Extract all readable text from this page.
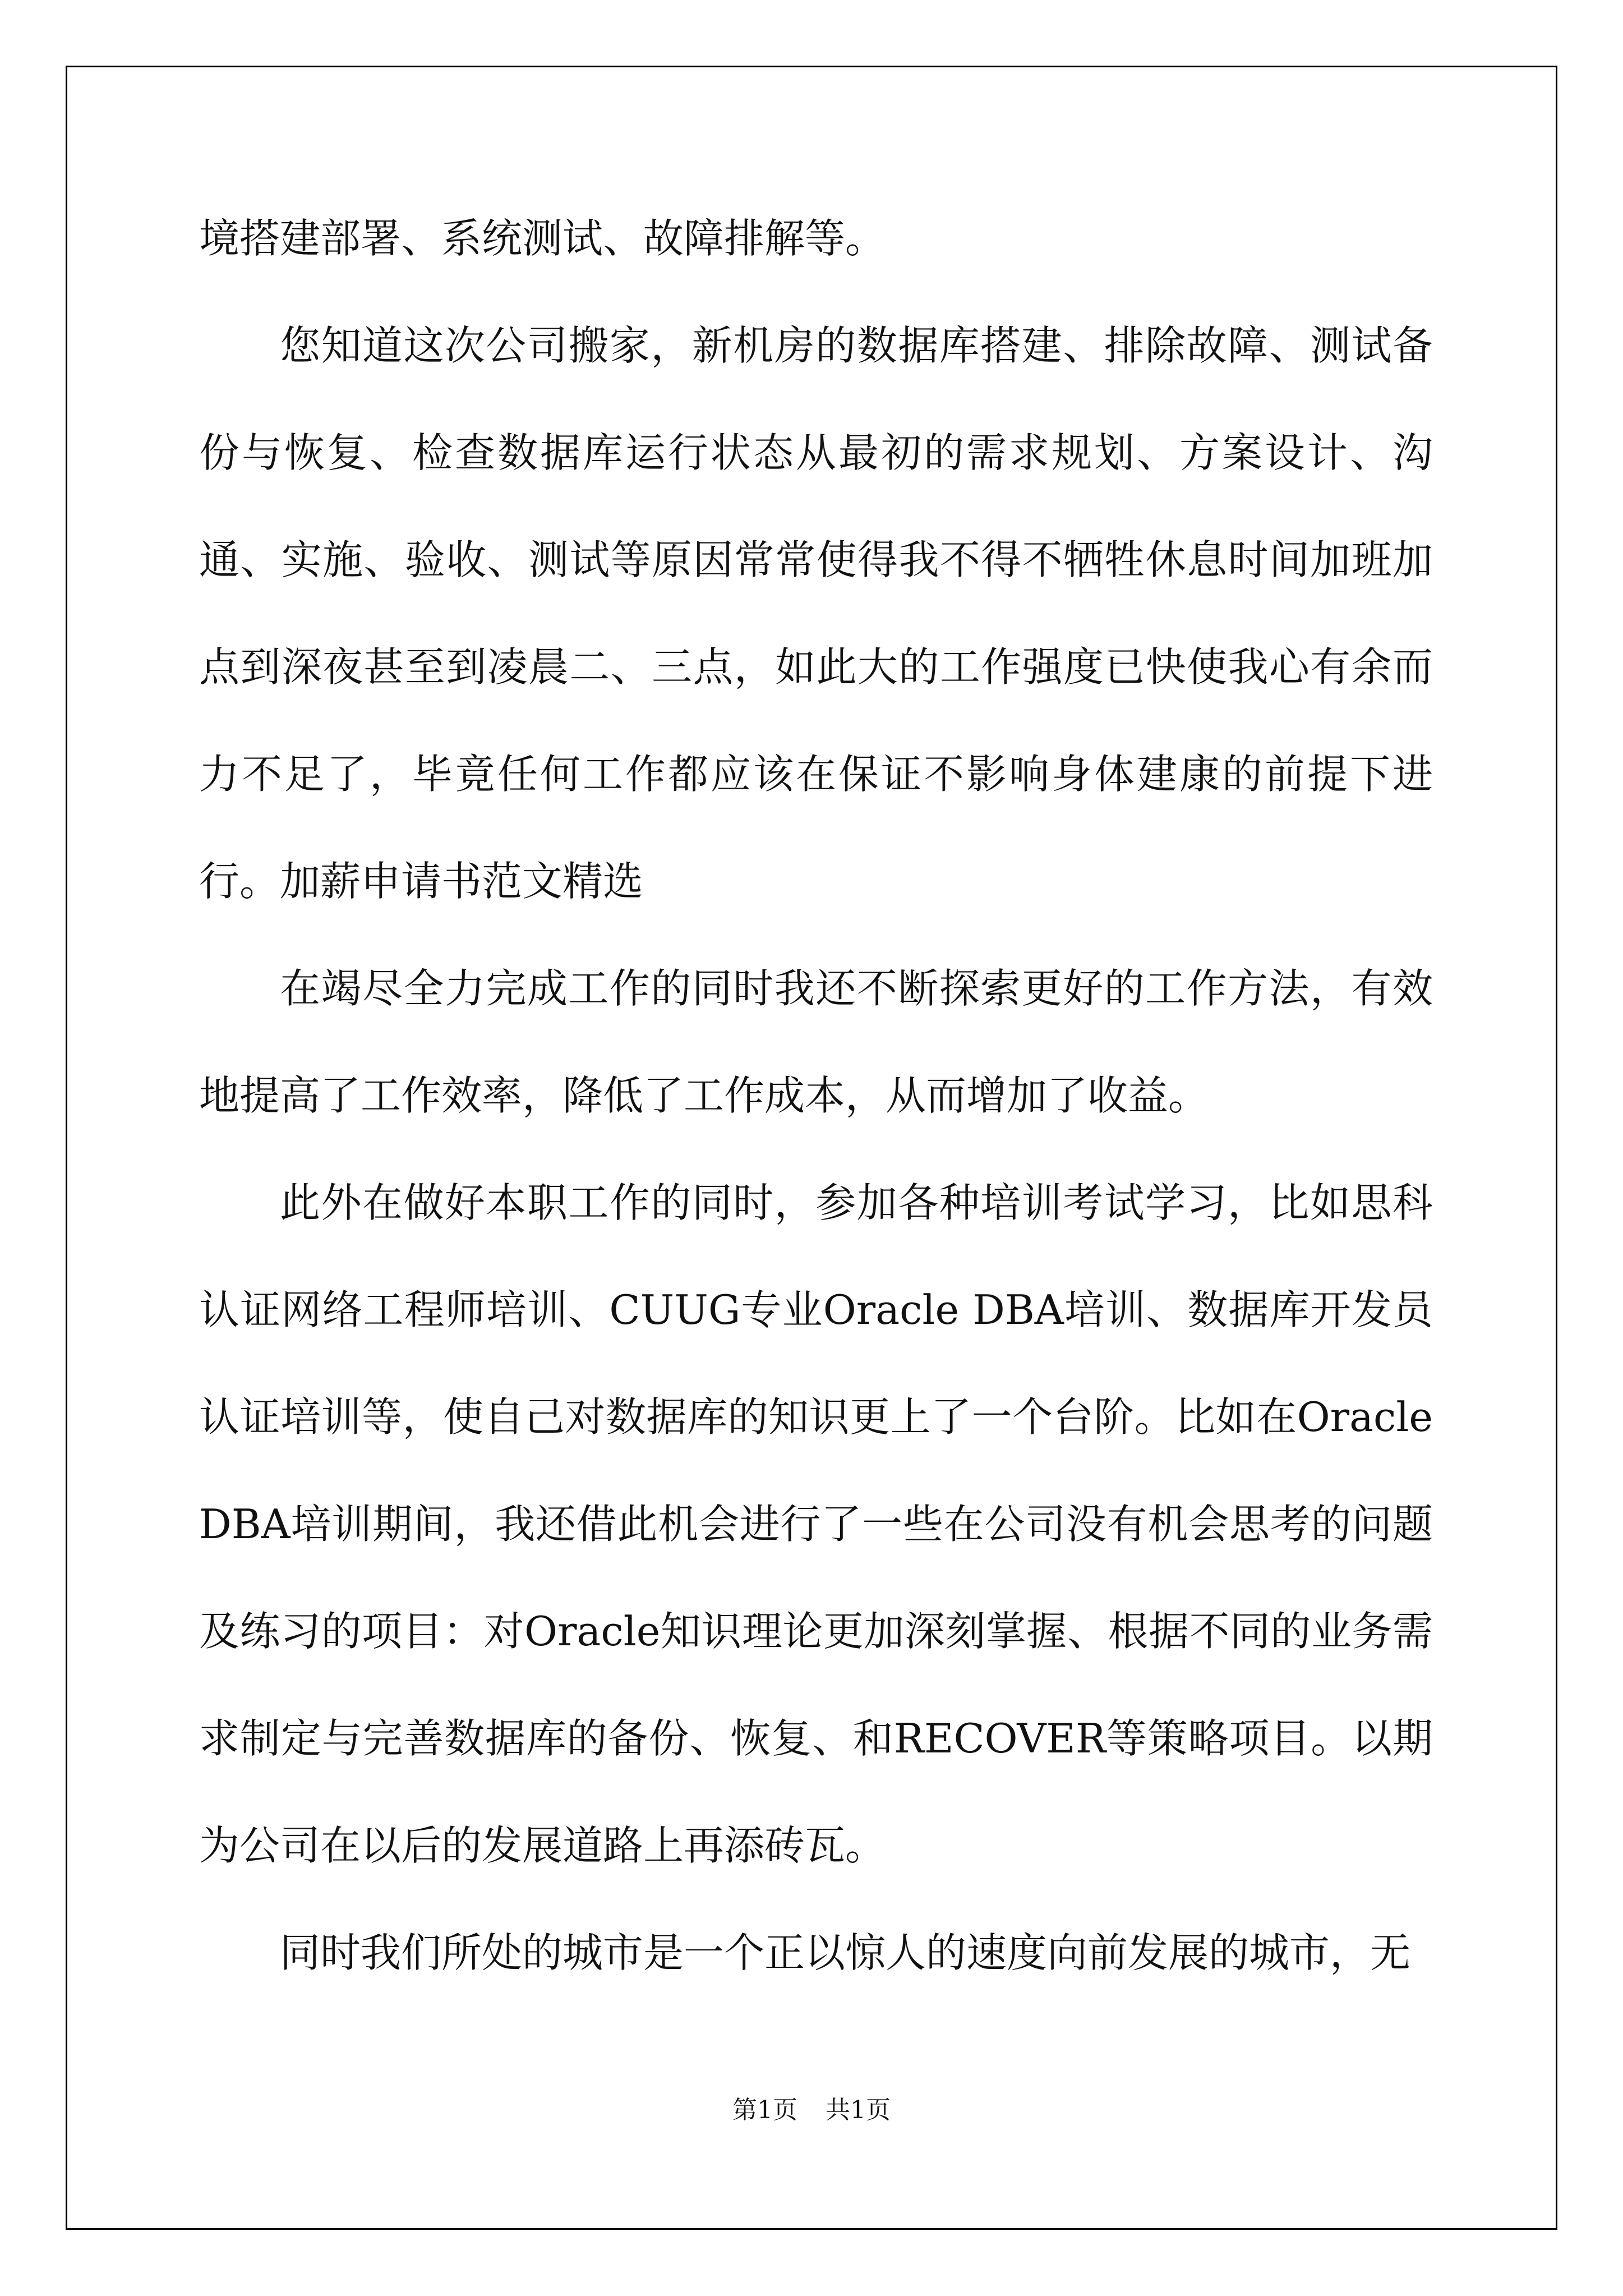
境搭建部署、系统测试、故障排解等。

您知道这次公司搬家，新机房的数据库搭建、排除故障、测试备份与恢复、检查数据库运行状态从最初的需求规划、方案设计、沟通、实施、验收、测试等原因常常使得我不得不牺牲休息时间加班加点到深夜甚至到凌晨二、三点，如此大的工作强度已快使我心有余而力不足了，毕竟任何工作都应该在保证不影响身体建康的前提下进行。加薪申请书范文精选

在竭尽全力完成工作的同时我还不断探索更好的工作方法，有效地提高了工作效率，降低了工作成本，从而增加了收益。

此外在做好本职工作的同时，参加各种培训考试学习，比如思科认证网络工程师培训、CUUG专业Oracle DBA培训、数据库开发员认证培训等，使自己对数据库的知识更上了一个台阶。比如在Oracle DBA培训期间，我还借此机会进行了一些在公司没有机会思考的问题及练习的项目：对Oracle知识理论更加深刻掌握、根据不同的业务需求制定与完善数据库的备份、恢复、和RECOVER等策略项目。以期为公司在以后的发展道路上再添砖瓦。

同时我们所处的城市是一个正以惊人的速度向前发展的城市，无

第1页 共1页
